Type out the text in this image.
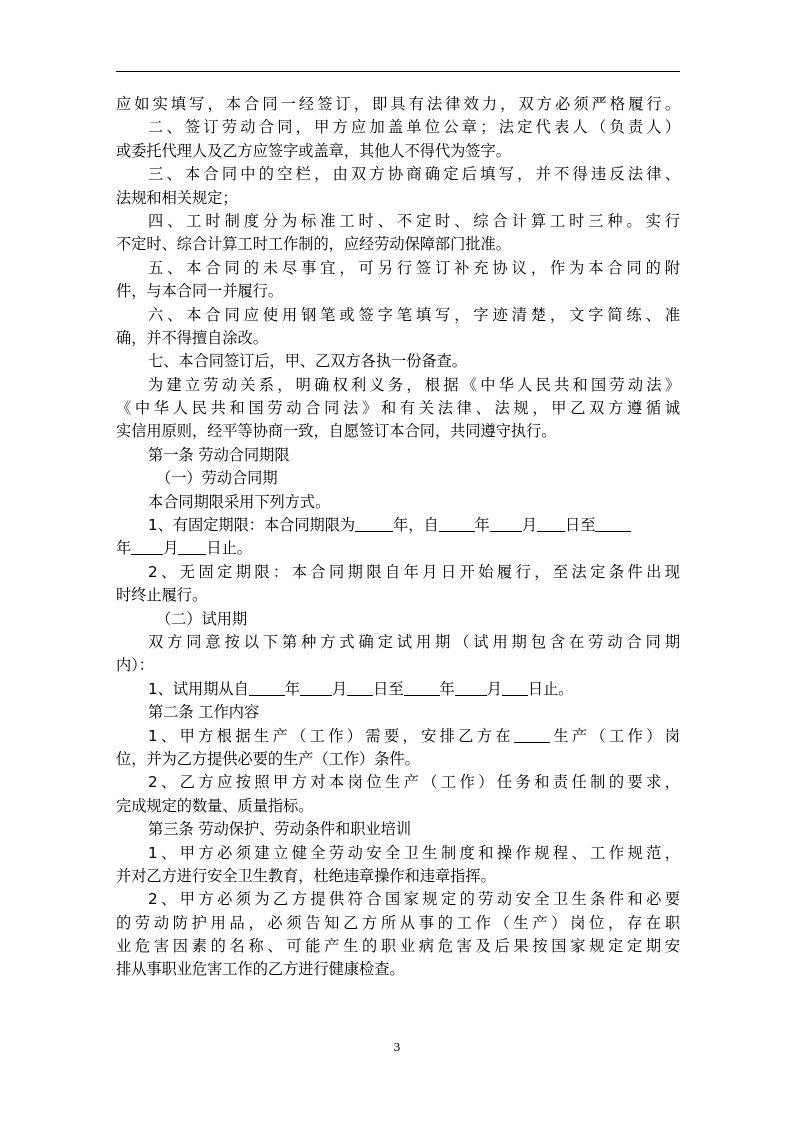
应如实填写，本合同一经签订，即具有法律效力，双方必须严格履行。
二、签订劳动合同，甲方应加盖单位公章；法定代表人（负责人）
或委托代理人及乙方应签字或盖章，其他人不得代为签字。
三、本合同中的空栏，由双方协商确定后填写，并不得违反法律、
法规和相关规定；
四、工时制度分为标准工时、不定时、综合计算工时三种。实行
不定时、综合计算工时工作制的，应经劳动保障部门批准。
五、本合同的未尽事宜，可另行签订补充协议，作为本合同的附
件，与本合同一并履行。
六、本合同应使用钢笔或签字笔填写，字迹清楚，文字简练、准
确，并不得擅自涂改。
七、本合同签订后，甲、乙双方各执一份备查。
为建立劳动关系，明确权利义务，根据《中华人民共和国劳动法》
《中华人民共和国劳动合同法》和有关法律、法规，甲乙双方遵循诚
实信用原则，经平等协商一致，自愿签订本合同，共同遵守执行。
第一条 劳动合同期限
（一）劳动合同期
本合同期限采用下列方式。
1、有固定期限：本合同期限为	年，自 年 月 日至
年 月 日止。
2、无固定期限：本合同期限自年月日开始履行，至法定条件出现
时终止履行。
（二）试用期
双方同意按以下第种方式确定试用期（试用期包含在劳动合同期
内）：
1、试用期从自 年 月 日至 年 月 日止。
第二条 工作内容
1、甲方根据生产（工作）需要，安排乙方在 生产（工作）岗
位，并为乙方提供必要的生产（工作）条件。
2、乙方应按照甲方对本岗位生产（工作）任务和责任制的要求，
完成规定的数量、质量指标。
第三条 劳动保护、劳动条件和职业培训
1、甲方必须建立健全劳动安全卫生制度和操作规程、工作规范，
并对乙方进行安全卫生教育，杜绝违章操作和违章指挥。
2、甲方必须为乙方提供符合国家规定的劳动安全卫生条件和必要
的劳动防护用品，必须告知乙方所从事的工作（生产）岗位，存在职
业危害因素的名称、可能产生的职业病危害及后果按国家规定定期安
排从事职业危害工作的乙方进行健康检查。
3
